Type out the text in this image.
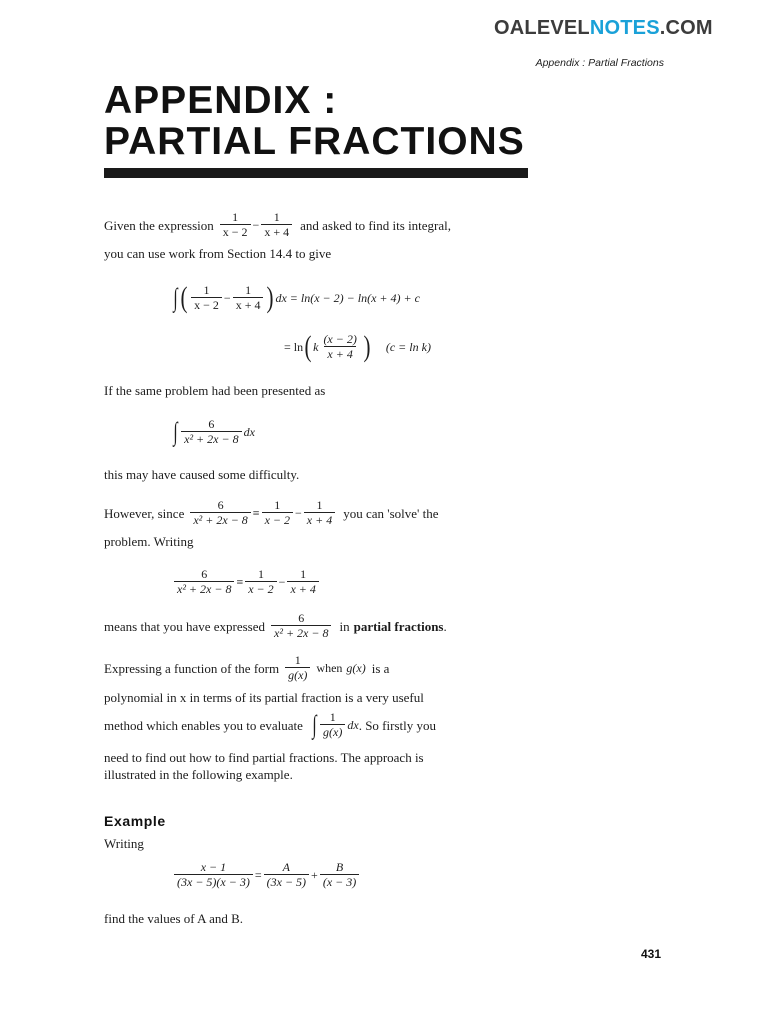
OALEVELNOTES.COM
Appendix : Partial Fractions
APPENDIX :
PARTIAL FRACTIONS
Given the expression $\frac{1}{x - 2} - \frac{1}{x + 4}$ and asked to find its integral,
you can use work from Section 14.4 to give
∫ ( $\frac{1}{x - 2} - \frac{1}{x + 4}$ ) dx = ln(x − 2) − ln(x + 4) + c
= ln ( k $\frac{(x - 2)}{x + 4}$ ) (c = ln k)
If the same problem had been presented as
∫ $\frac{6}{\text{x² + 2x − 8}}$ dx
this may have caused some difficulty.
However, since $\frac{6}{\text{x² + 2x − 8}} \equiv \frac{1}{x - 2} - \frac{1}{x + 4}$ you can 'solve' the
problem. Writing
$\frac{6}{\text{x² + 2x − 8}} \equiv \frac{1}{x - 2} - \frac{1}{x + 4}$
means that you have expressed $\frac{6}{\text{x² + 2x − 8}}$ in partial fractions .
Expressing a function of the form $\frac{1}{g(x)}$ when g(x) is a
polynomial in x in terms of its partial fraction is a very useful
method which enables you to evaluate ∫ $\frac{1}{g(x)}$ dx . So firstly you
need to find out how to find partial fractions. The approach is
illustrated in the following example.
Example
Writing
$\frac{x - 1}{(3x - 5)(x - 3)} = \frac{A}{(3x - 5)} + \frac{B}{(x - 3)}$
find the values of A and B.
431
